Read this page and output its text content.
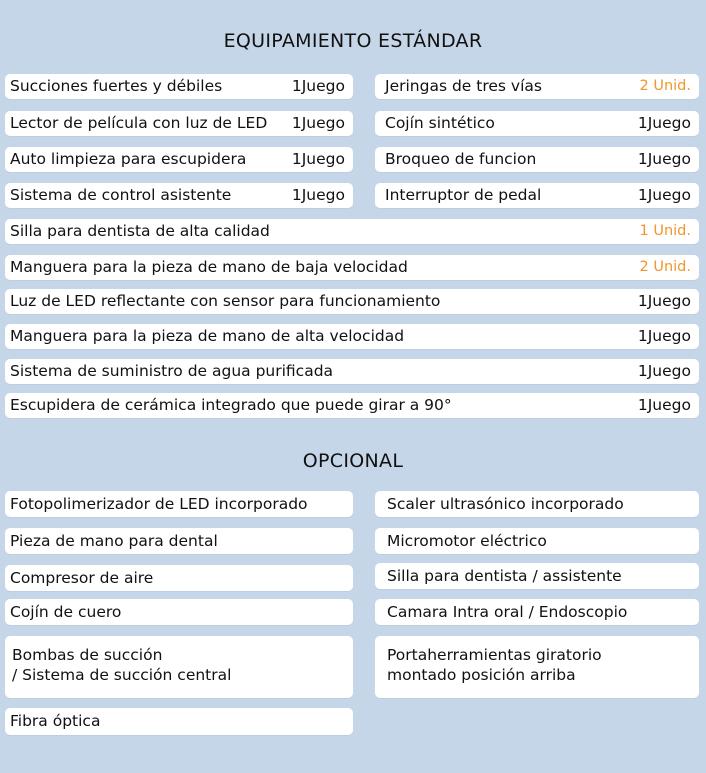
EQUIPAMIENTO ESTÁNDAR
Succiones fuertes y débiles	1Juego
Lector de película con luz de LED	1Juego
Auto limpieza para escupidera	1Juego
Sistema de control asistente	1Juego
Jeringas de tres vías	2 Unid.
Cojín sintético	1Juego
Broqueo de funcion	1Juego
Interruptor de pedal	1Juego
Silla para dentista de alta calidad	1 Unid.
Manguera para la pieza de mano de baja velocidad	2 Unid.
Luz de LED reflectante con sensor para funcionamiento	1Juego
Manguera para la pieza de mano de alta velocidad	1Juego
Sistema de suministro de agua purificada	1Juego
Escupidera de cerámica integrado que puede girar a 90°	1Juego
OPCIONAL
Fotopolimerizador de LED incorporado
Pieza de mano para dental
Compresor de aire
Cojín de cuero
Bombas de succión
/ Sistema de succión central
Fibra óptica
Scaler ultrasónico incorporado
Micromotor eléctrico
Silla para dentista / assistente
Camara Intra oral / Endoscopio
Portaherramientas giratorio
montado posición arriba
